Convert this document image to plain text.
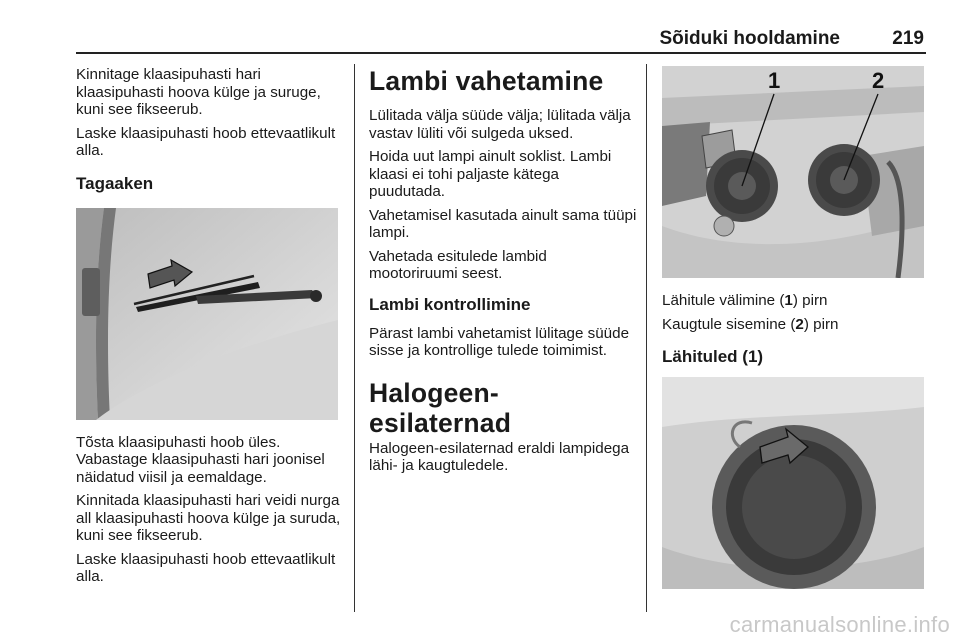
Sõiduki hooldamine	219

Kinnitage klaasipuhasti hari klaasipuhasti hoova külge ja suruge, kuni see fikseerub.

Laske klaasipuhasti hoob ettevaatlikult alla.

Tagaaken

Tõsta klaasipuhasti hoob üles. Vabastage klaasipuhasti hari joonisel näidatud viisil ja eemaldage.

Kinnitada klaasipuhasti hari veidi nurga all klaasipuhasti hoova külge ja suruda, kuni see fikseerub.

Laske klaasipuhasti hoob ettevaatlikult alla.

Lambi vahetamine

Lülitada välja süüde välja; lülitada välja vastav lüliti või sulgeda uksed.

Hoida uut lampi ainult soklist. Lambi klaasi ei tohi paljaste kätega puudutada.

Vahetamisel kasutada ainult sama tüüpi lampi.

Vahetada esitulede lambid mootoriruumi seest.

Lambi kontrollimine

Pärast lambi vahetamist lülitage süüde sisse ja kontrollige tulede toimimist.

Halogeen-esilaternad

Halogeen-esilaternad eraldi lampidega lähi- ja kaugtuledele.

1	2

Lähitule välimine (1) pirn

Kaugtule sisemine (2) pirn

Lähituled (1)
carmanualsonline.info
